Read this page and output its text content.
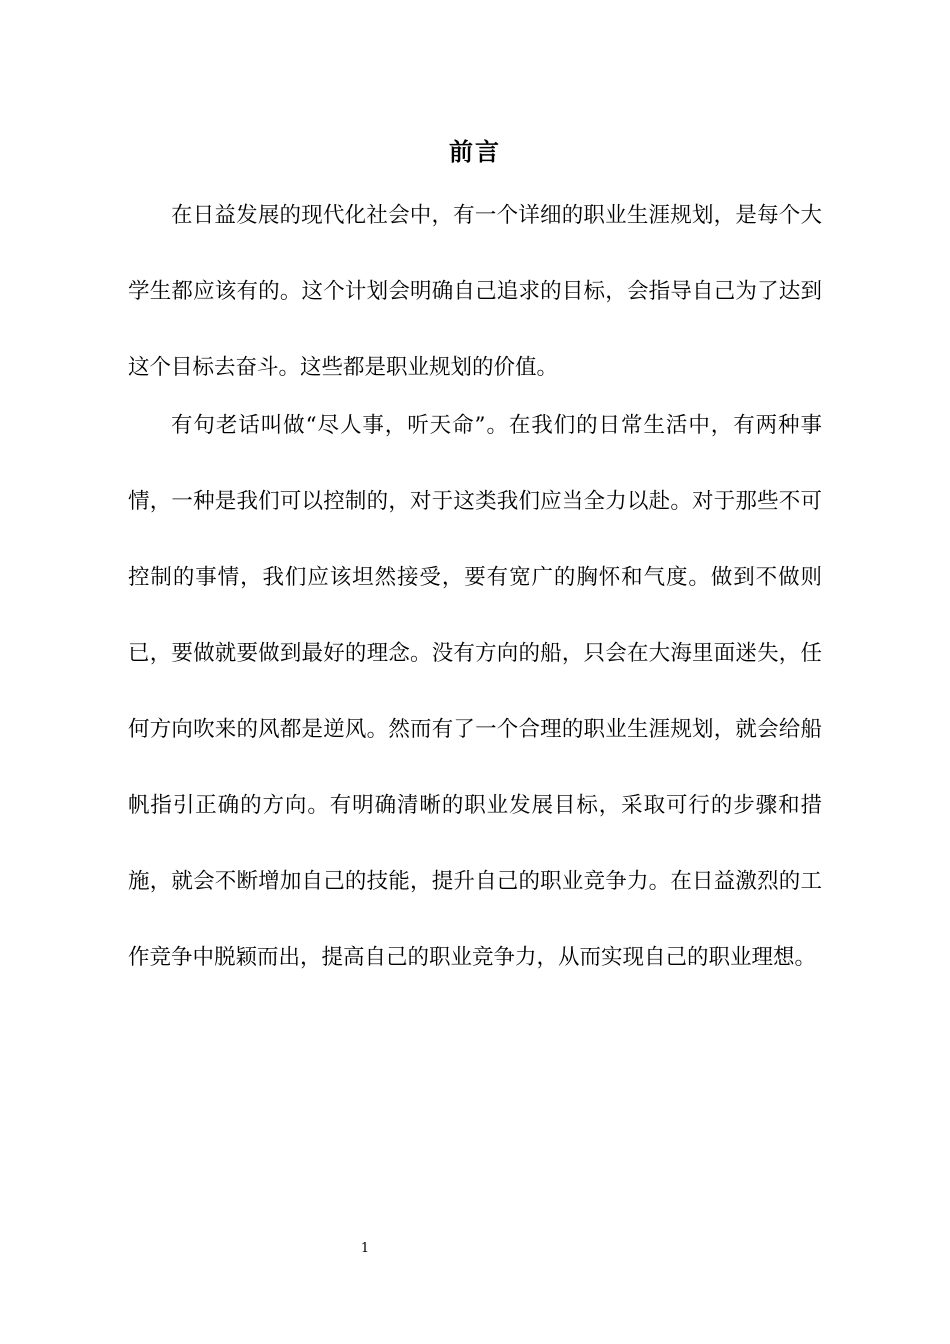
前言

在日益发展的现代化社会中，有一个详细的职业生涯规划，是每个大学生都应该有的。这个计划会明确自己追求的目标，会指导自己为了达到这个目标去奋斗。这些都是职业规划的价值。

有句老话叫做“尽人事，听天命”。在我们的日常生活中，有两种事情，一种是我们可以控制的，对于这类我们应当全力以赴。对于那些不可控制的事情，我们应该坦然接受，要有宽广的胸怀和气度。做到不做则已，要做就要做到最好的理念。没有方向的船，只会在大海里面迷失，任何方向吹来的风都是逆风。然而有了一个合理的职业生涯规划，就会给船帆指引正确的方向。有明确清晰的职业发展目标，采取可行的步骤和措施，就会不断增加自己的技能，提升自己的职业竞争力。在日益激烈的工作竞争中脱颖而出，提高自己的职业竞争力，从而实现自己的职业理想。

1
